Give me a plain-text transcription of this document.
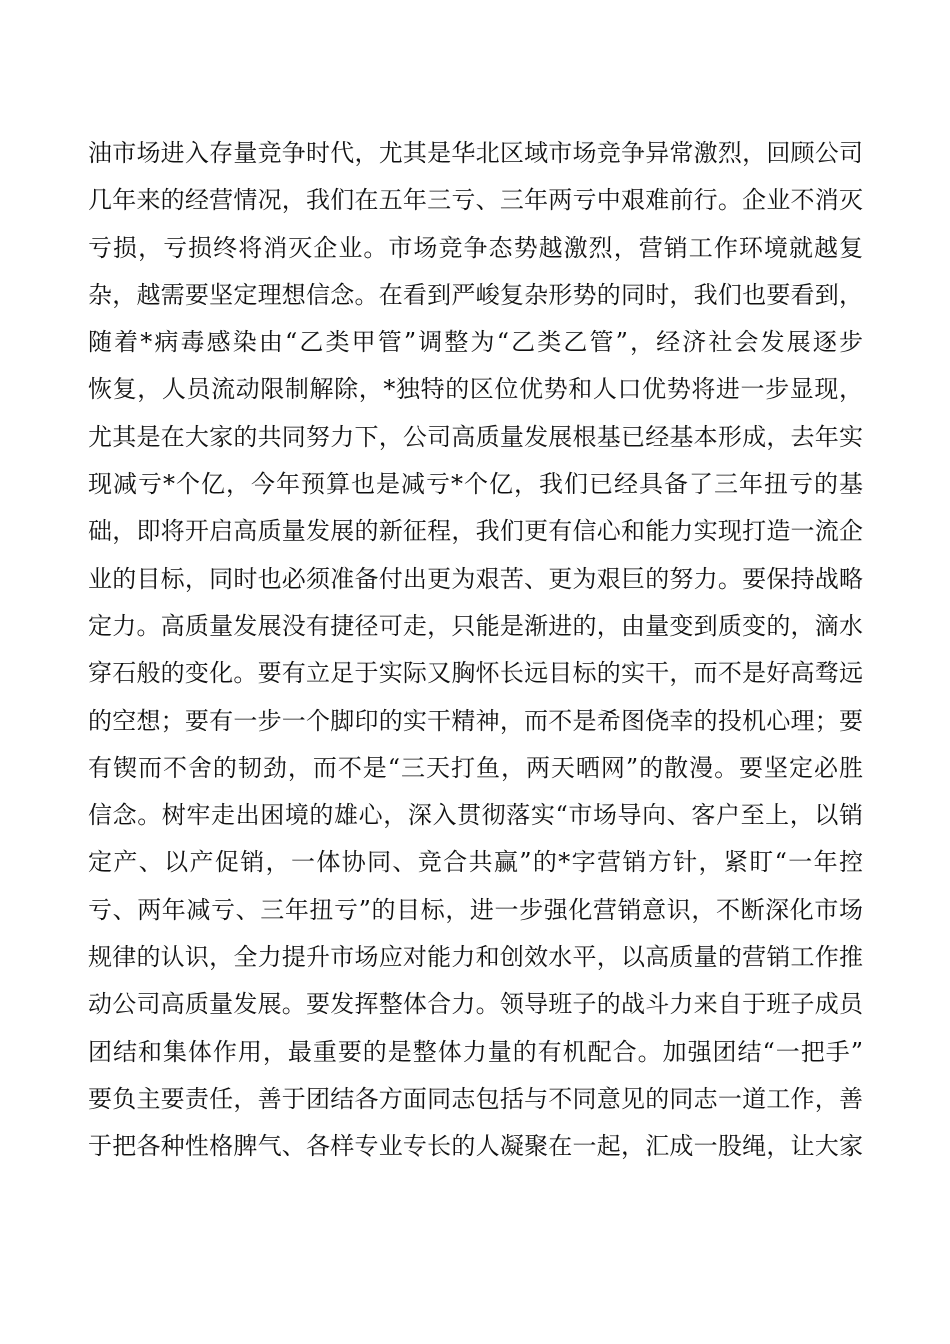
油市场进入存量竞争时代，尤其是华北区域市场竞争异常激烈，回顾公司
几年来的经营情况，我们在五年三亏、三年两亏中艰难前行。企业不消灭
亏损，亏损终将消灭企业。市场竞争态势越激烈，营销工作环境就越复
杂，越需要坚定理想信念。在看到严峻复杂形势的同时，我们也要看到，
随着*病毒感染由“乙类甲管”调整为“乙类乙管”，经济社会发展逐步
恢复，人员流动限制解除，*独特的区位优势和人口优势将进一步显现，
尤其是在大家的共同努力下，公司高质量发展根基已经基本形成，去年实
现减亏*个亿，今年预算也是减亏*个亿，我们已经具备了三年扭亏的基
础，即将开启高质量发展的新征程，我们更有信心和能力实现打造一流企
业的目标，同时也必须准备付出更为艰苦、更为艰巨的努力。要保持战略
定力。高质量发展没有捷径可走，只能是渐进的，由量变到质变的，滴水
穿石般的变化。要有立足于实际又胸怀长远目标的实干，而不是好高骛远
的空想；要有一步一个脚印的实干精神，而不是希图侥幸的投机心理；要
有锲而不舍的韧劲，而不是“三天打鱼，两天晒网”的散漫。要坚定必胜
信念。树牢走出困境的雄心，深入贯彻落实“市场导向、客户至上，以销
定产、以产促销，一体协同、竞合共赢”的*字营销方针，紧盯“一年控
亏、两年减亏、三年扭亏”的目标，进一步强化营销意识，不断深化市场
规律的认识，全力提升市场应对能力和创效水平，以高质量的营销工作推
动公司高质量发展。要发挥整体合力。领导班子的战斗力来自于班子成员
团结和集体作用，最重要的是整体力量的有机配合。加强团结“一把手”
要负主要责任，善于团结各方面同志包括与不同意见的同志一道工作，善
于把各种性格脾气、各样专业专长的人凝聚在一起，汇成一股绳，让大家
